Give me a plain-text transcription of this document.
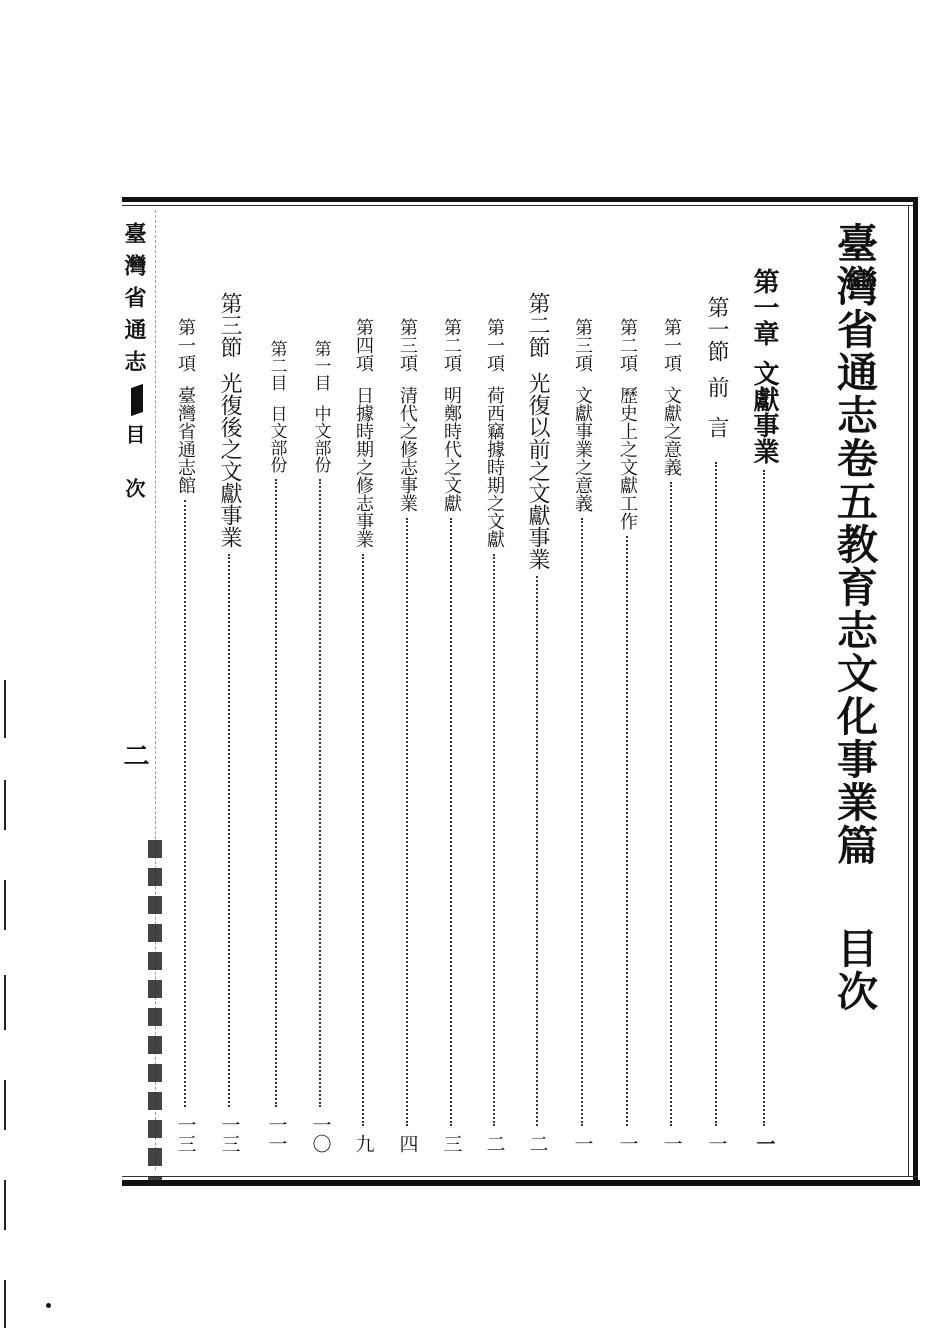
臺灣省通志卷五教育志文化事業篇目次
第一章
文獻事業
一
第一節
前言
一
第一項
文獻之意義
一
第二項
歷史上之文獻工作
一
第三項
文獻事業之意義
一
第二節
光復以前之文獻事業
二
第一項
荷西竊據時期之文獻
二
第二項
明鄭時代之文獻
三
第三項
清代之修志事業
四
第四項
日據時期之修志事業
九
第一目
中文部份
一〇
第二目
日文部份
一一
第三節
光復後之文獻事業
一三
第一項
臺灣省通志館
一三
臺灣省通志
目次
二
